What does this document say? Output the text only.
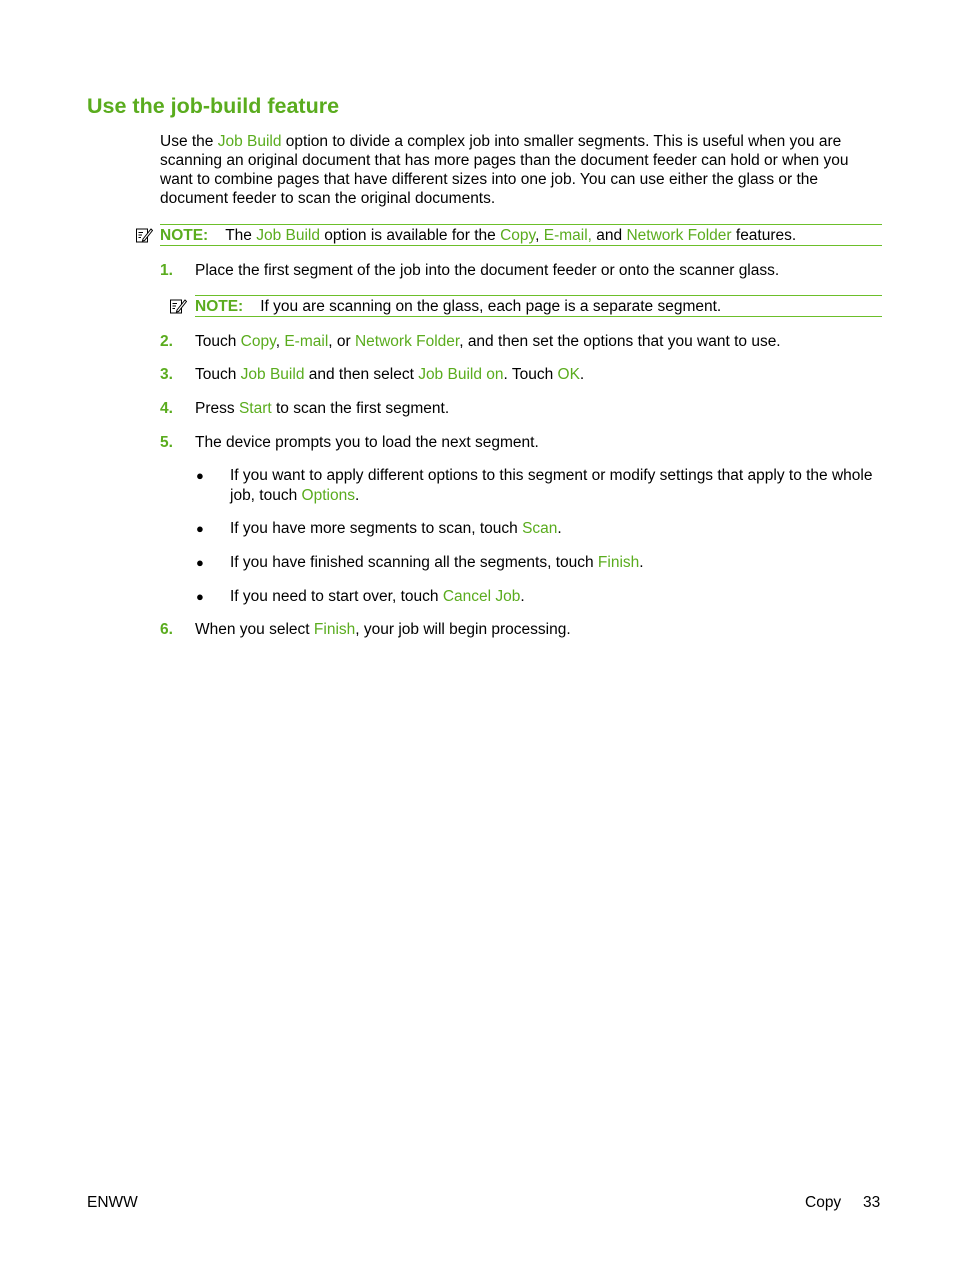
Use the job-build feature

Use the Job Build option to divide a complex job into smaller segments. This is useful when you are scanning an original document that has more pages than the document feeder can hold or when you want to combine pages that have different sizes into one job. You can use either the glass or the document feeder to scan the original documents.

NOTE: The Job Build option is available for the Copy, E-mail, and Network Folder features.
1. Place the first segment of the job into the document feeder or onto the scanner glass.
NOTE: If you are scanning on the glass, each page is a separate segment.
2. Touch Copy, E-mail, or Network Folder, and then set the options that you want to use.
3. Touch Job Build and then select Job Build on. Touch OK.
4. Press Start to scan the first segment.
5. The device prompts you to load the next segment.
● If you want to apply different options to this segment or modify settings that apply to the whole job, touch Options.
● If you have more segments to scan, touch Scan.
● If you have finished scanning all the segments, touch Finish.
● If you need to start over, touch Cancel Job.
6. When you select Finish, your job will begin processing.
ENWW	Copy 33
